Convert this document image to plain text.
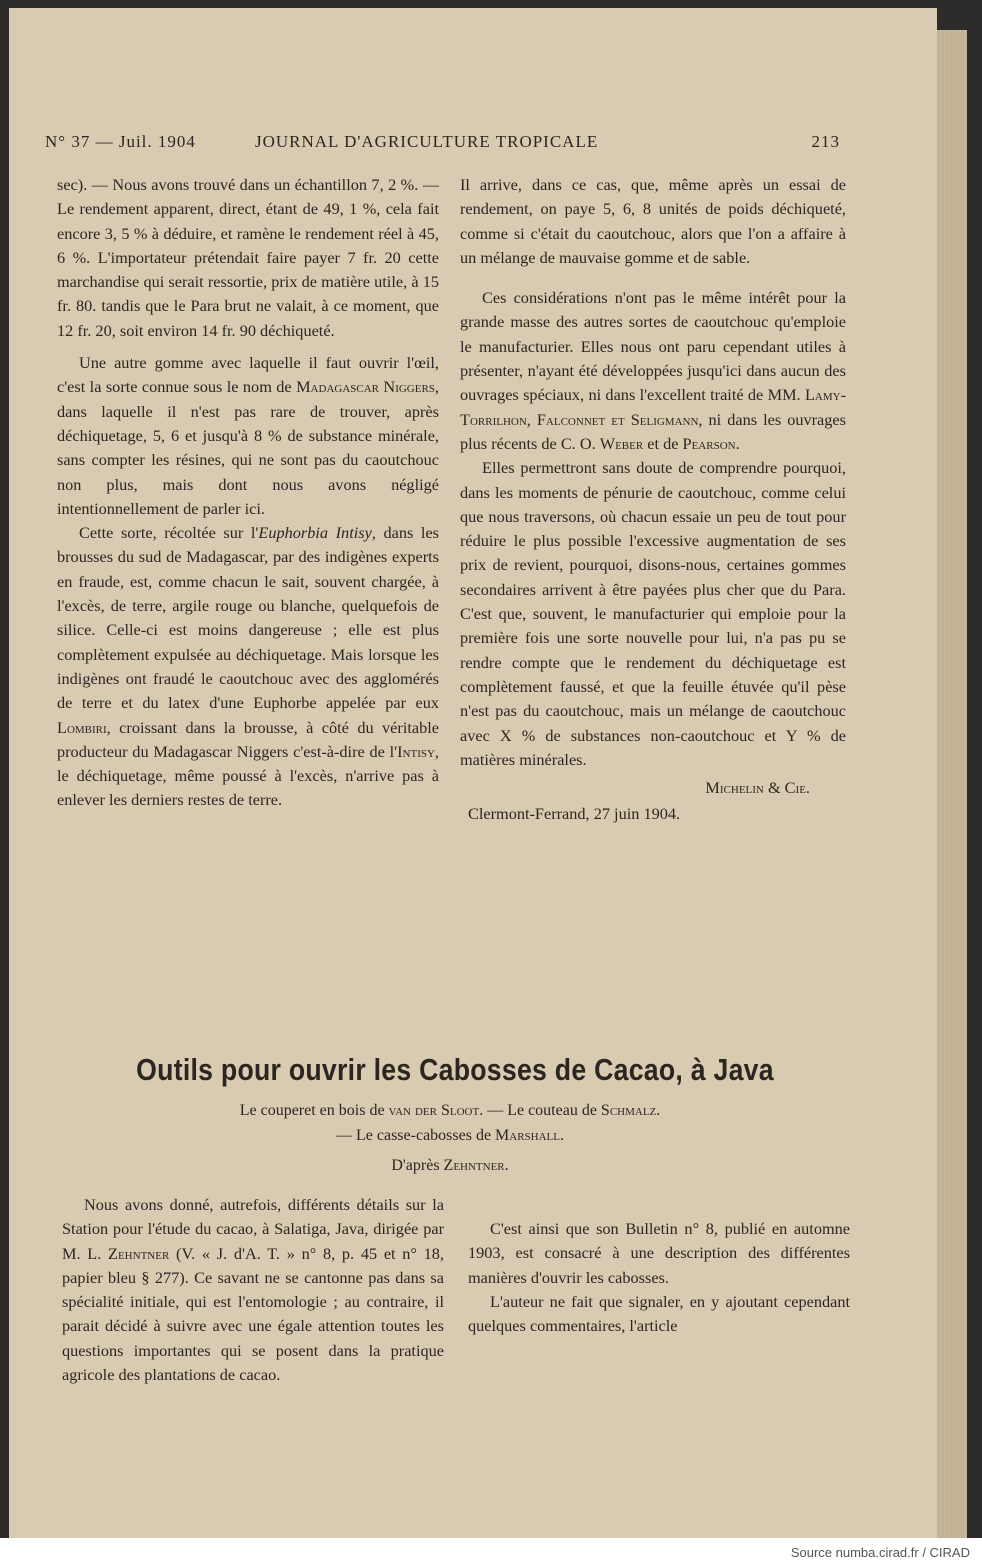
N° 37 — Juil. 1904	JOURNAL D'AGRICULTURE TROPICALE	213

sec). — Nous avons trouvé dans un échantillon 7, 2 %. — Le rendement apparent, direct, étant de 49, 1 %, cela fait encore 3, 5 % à déduire, et ramène le rendement réel à 45, 6 %. L'importateur prétendait faire payer 7 fr. 20 cette marchandise qui serait ressortie, prix de matière utile, à 15 fr. 80. tandis que le Para brut ne valait, à ce moment, que 12 fr. 20, soit environ 14 fr. 90 déchiqueté.

Une autre gomme avec laquelle il faut ouvrir l'œil, c'est la sorte connue sous le nom de Madagascar Niggers, dans laquelle il n'est pas rare de trouver, après déchiquetage, 5, 6 et jusqu'à 8 % de substance minérale, sans compter les résines, qui ne sont pas du caoutchouc non plus, mais dont nous avons négligé intentionnellement de parler ici.

Cette sorte, récoltée sur l'Euphorbia Intisy, dans les brousses du sud de Madagascar, par des indigènes experts en fraude, est, comme chacun le sait, souvent chargée, à l'excès, de terre, argile rouge ou blanche, quelquefois de silice. Celle-ci est moins dangereuse ; elle est plus complètement expulsée au déchiquetage. Mais lorsque les indigènes ont fraudé le caoutchouc avec des agglomérés de terre et du latex d'une Euphorbe appelée par eux Lombiri, croissant dans la brousse, à côté du véritable producteur du Madagascar Niggers c'est-à-dire de l'Intisy, le déchiquetage, même poussé à l'excès, n'arrive pas à enlever les derniers restes de terre.

Il arrive, dans ce cas, que, même après un essai de rendement, on paye 5, 6, 8 unités de poids déchiqueté, comme si c'était du caoutchouc, alors que l'on a affaire à un mélange de mauvaise gomme et de sable.

Ces considérations n'ont pas le même intérêt pour la grande masse des autres sortes de caoutchouc qu'emploie le manufacturier. Elles nous ont paru cependant utiles à présenter, n'ayant été développées jusqu'ici dans aucun des ouvrages spéciaux, ni dans l'excellent traité de MM. Lamy-Torrilhon, Falconnet et Seligmann, ni dans les ouvrages plus récents de C. O. Weber et de Pearson.

Elles permettront sans doute de comprendre pourquoi, dans les moments de pénurie de caoutchouc, comme celui que nous traversons, où chacun essaie un peu de tout pour réduire le plus possible l'excessive augmentation de ses prix de revient, pourquoi, disons-nous, certaines gommes secondaires arrivent à être payées plus cher que du Para. C'est que, souvent, le manufacturier qui emploie pour la première fois une sorte nouvelle pour lui, n'a pas pu se rendre compte que le rendement du déchiquetage est complètement faussé, et que la feuille étuvée qu'il pèse n'est pas du caoutchouc, mais un mélange de caoutchouc avec X % de substances non-caoutchouc et Y % de matières minérales.

Michelin & Cie.

Clermont-Ferrand, 27 juin 1904.

Outils pour ouvrir les Cabosses de Cacao, à Java
Le couperet en bois de van der Sloot. — Le couteau de Schmalz.
— Le casse-cabosses de Marshall.
D'après Zehntner.

Nous avons donné, autrefois, différents détails sur la Station pour l'étude du cacao, à Salatiga, Java, dirigée par M. L. Zehntner (V. « J. d'A. T. » n° 8, p. 45 et n° 18, papier bleu § 277). Ce savant ne se cantonne pas dans sa spécialité initiale, qui est l'entomologie ; au contraire, il parait décidé à suivre avec une égale attention toutes les questions importantes qui se posent dans la pratique agricole des plantations de cacao.

C'est ainsi que son Bulletin n° 8, publié en automne 1903, est consacré à une description des différentes manières d'ouvrir les cabosses.

L'auteur ne fait que signaler, en y ajoutant cependant quelques commentaires, l'article

Source numba.cirad.fr / CIRAD
